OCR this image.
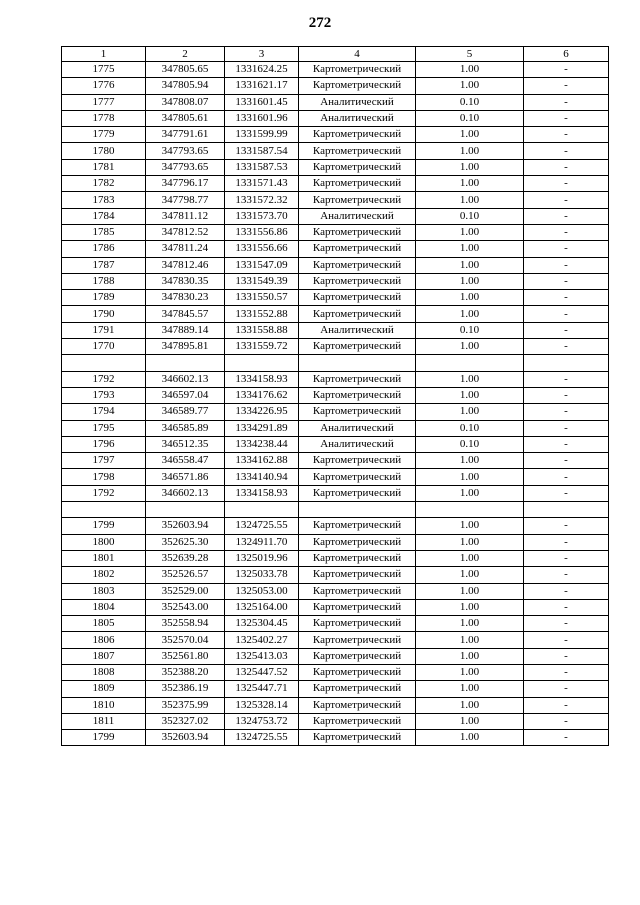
272
1	2	3	4	5	6
1775	347805.65	1331624.25	Картометрический	1.00	-
1776	347805.94	1331621.17	Картометрический	1.00	-
1777	347808.07	1331601.45	Аналитический	0.10	-
1778	347805.61	1331601.96	Аналитический	0.10	-
1779	347791.61	1331599.99	Картометрический	1.00	-
1780	347793.65	1331587.54	Картометрический	1.00	-
1781	347793.65	1331587.53	Картометрический	1.00	-
1782	347796.17	1331571.43	Картометрический	1.00	-
1783	347798.77	1331572.32	Картометрический	1.00	-
1784	347811.12	1331573.70	Аналитический	0.10	-
1785	347812.52	1331556.86	Картометрический	1.00	-
1786	347811.24	1331556.66	Картометрический	1.00	-
1787	347812.46	1331547.09	Картометрический	1.00	-
1788	347830.35	1331549.39	Картометрический	1.00	-
1789	347830.23	1331550.57	Картометрический	1.00	-
1790	347845.57	1331552.88	Картометрический	1.00	-
1791	347889.14	1331558.88	Аналитический	0.10	-
1770	347895.81	1331559.72	Картометрический	1.00	-

1792	346602.13	1334158.93	Картометрический	1.00	-
1793	346597.04	1334176.62	Картометрический	1.00	-
1794	346589.77	1334226.95	Картометрический	1.00	-
1795	346585.89	1334291.89	Аналитический	0.10	-
1796	346512.35	1334238.44	Аналитический	0.10	-
1797	346558.47	1334162.88	Картометрический	1.00	-
1798	346571.86	1334140.94	Картометрический	1.00	-
1792	346602.13	1334158.93	Картометрический	1.00	-

1799	352603.94	1324725.55	Картометрический	1.00	-
1800	352625.30	1324911.70	Картометрический	1.00	-
1801	352639.28	1325019.96	Картометрический	1.00	-
1802	352526.57	1325033.78	Картометрический	1.00	-
1803	352529.00	1325053.00	Картометрический	1.00	-
1804	352543.00	1325164.00	Картометрический	1.00	-
1805	352558.94	1325304.45	Картометрический	1.00	-
1806	352570.04	1325402.27	Картометрический	1.00	-
1807	352561.80	1325413.03	Картометрический	1.00	-
1808	352388.20	1325447.52	Картометрический	1.00	-
1809	352386.19	1325447.71	Картометрический	1.00	-
1810	352375.99	1325328.14	Картометрический	1.00	-
1811	352327.02	1324753.72	Картометрический	1.00	-
1799	352603.94	1324725.55	Картометрический	1.00	-
